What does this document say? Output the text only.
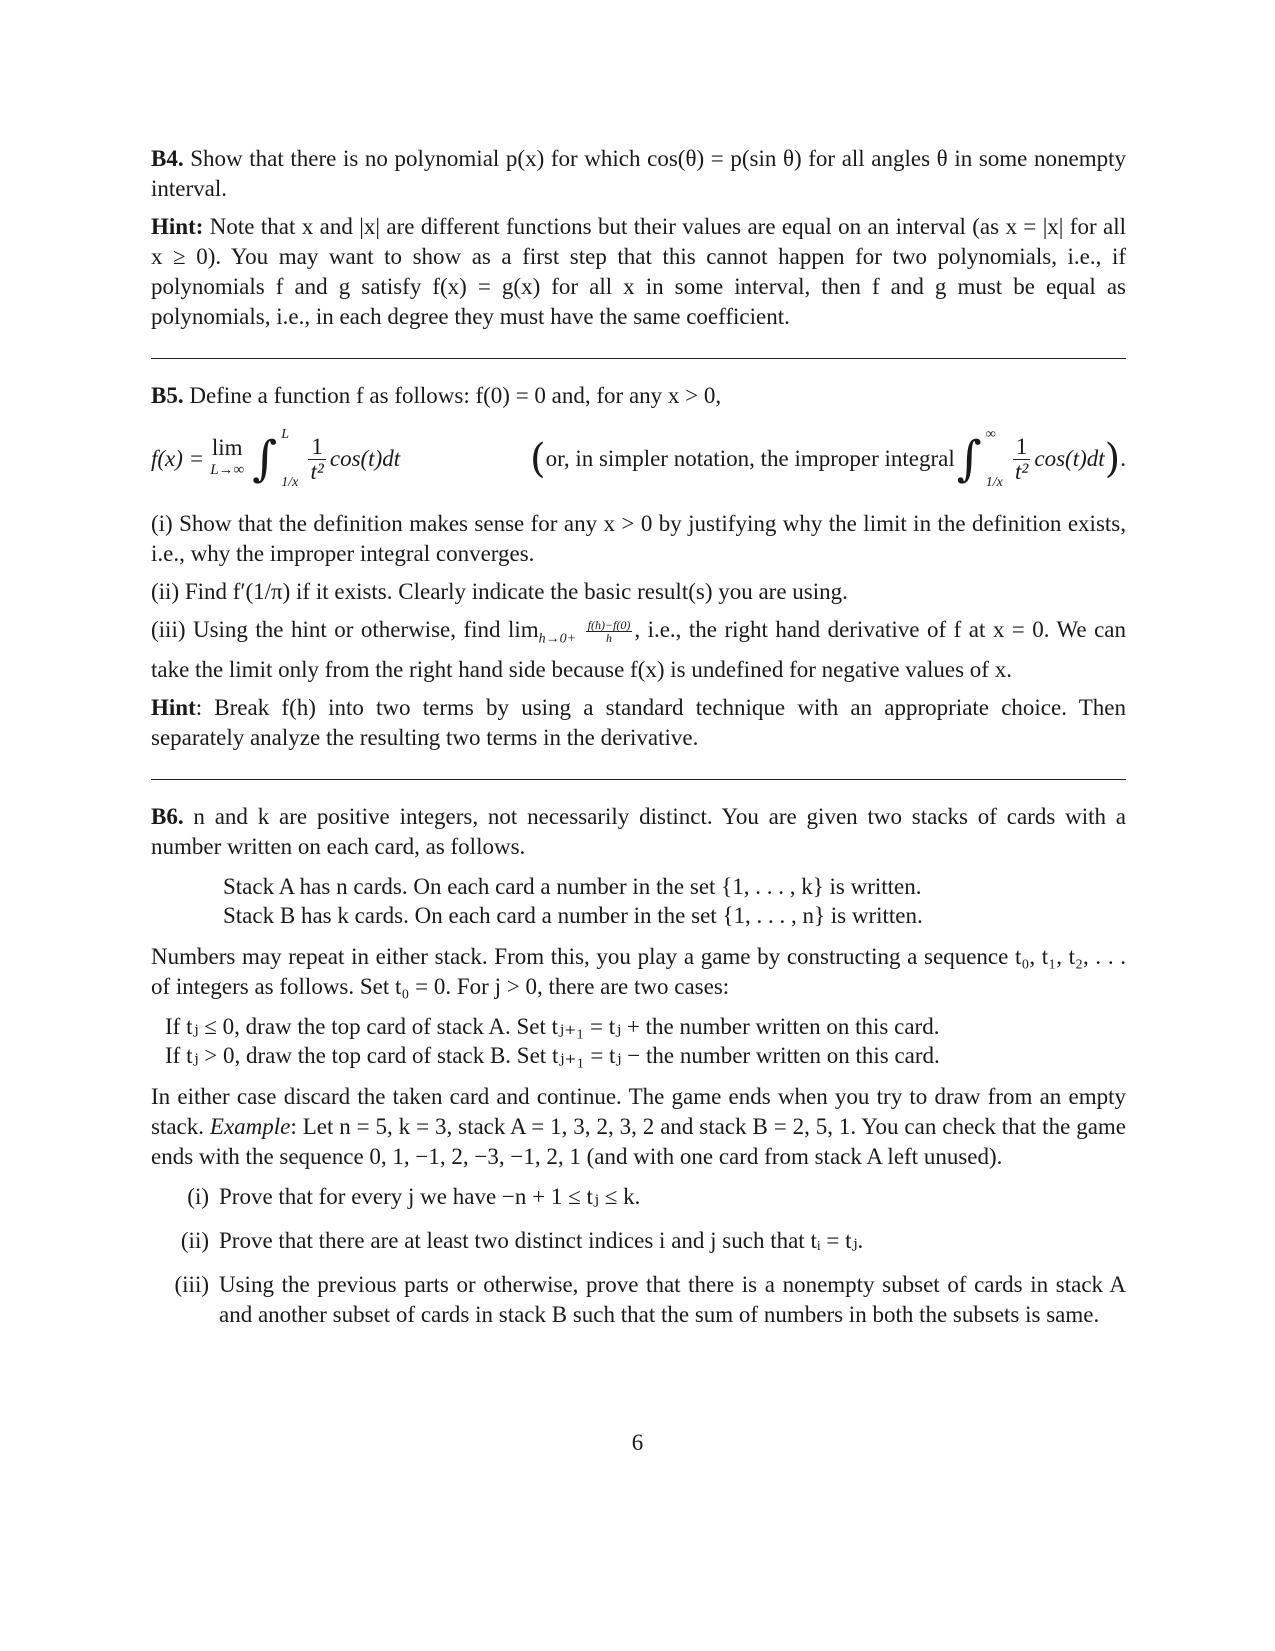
B4. Show that there is no polynomial p(x) for which cos(θ) = p(sin θ) for all angles θ in some nonempty interval.

Hint: Note that x and |x| are different functions but their values are equal on an interval (as x = |x| for all x ≥ 0). You may want to show as a first step that this cannot happen for two polynomials, i.e., if polynomials f and g satisfy f(x) = g(x) for all x in some interval, then f and g must be equal as polynomials, i.e., in each degree they must have the same coefficient.

B5. Define a function f as follows: f(0) = 0 and, for any x > 0,

f(x) = lim
L→∞ ∫ L
$1/x \frac{1}{\text{t²}} \cos(t)dt$	( or, in simpler notation, the improper integral ∫ ∞
$1/x \frac{1}{\text{t²}} \cos(t)dt$ ) .

(i) Show that the definition makes sense for any x > 0 by justifying why the limit in the definition exists, i.e., why the improper integral converges.

(ii) Find f′(1/π) if it exists. Clearly indicate the basic result(s) you are using.

(iii) Using the hint or otherwise, find $\lim_{h\to 0+} \frac{f(h)-f(0)}{h}$ , i.e., the right hand derivative of f at x = 0. We can take the limit only from the right hand side because f(x) is undefined for negative values of x.

Hint: Break f(h) into two terms by using a standard technique with an appropriate choice. Then separately analyze the resulting two terms in the derivative.

B6. n and k are positive integers, not necessarily distinct. You are given two stacks of cards with a number written on each card, as follows.

Stack A has n cards. On each card a number in the set {1, . . . , k} is written.
Stack B has k cards. On each card a number in the set {1, . . . , n} is written.

Numbers may repeat in either stack. From this, you play a game by constructing a sequence t₀, t₁, t₂, . . . of integers as follows. Set t₀ = 0. For j > 0, there are two cases:

If tⱼ ≤ 0, draw the top card of stack A. Set tⱼ₊₁ = tⱼ + the number written on this card.
If tⱼ > 0, draw the top card of stack B. Set tⱼ₊₁ = tⱼ − the number written on this card.

In either case discard the taken card and continue. The game ends when you try to draw from an empty stack. Example: Let n = 5, k = 3, stack A = 1, 3, 2, 3, 2 and stack B = 2, 5, 1. You can check that the game ends with the sequence 0, 1, −1, 2, −3, −1, 2, 1 (and with one card from stack A left unused).

(i) Prove that for every j we have −n + 1 ≤ tⱼ ≤ k.
(ii) Prove that there are at least two distinct indices i and j such that tᵢ = tⱼ.
(iii) Using the previous parts or otherwise, prove that there is a nonempty subset of cards in stack A and another subset of cards in stack B such that the sum of numbers in both the subsets is same.
6
